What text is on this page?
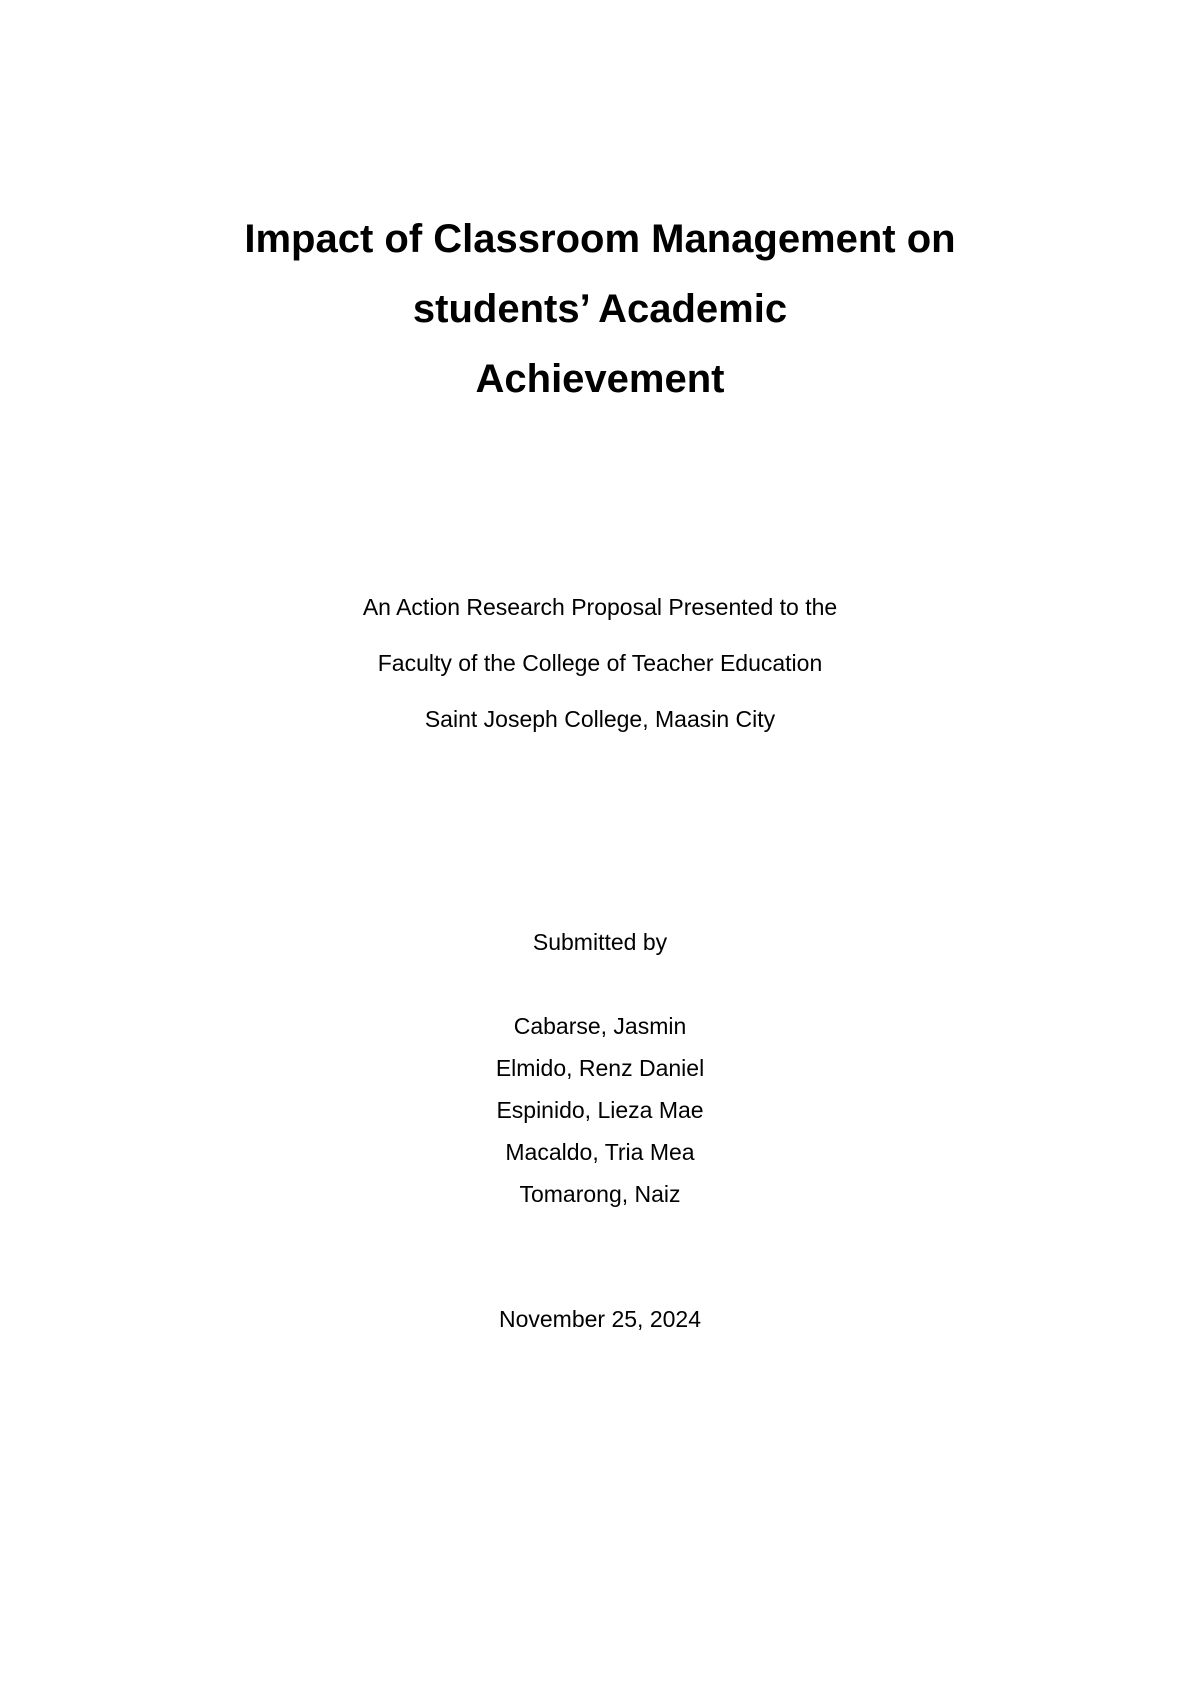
Impact of Classroom Management on

students’ Academic

Achievement

An Action Research Proposal Presented to the
Faculty of the College of Teacher Education
Saint Joseph College, Maasin City
Submitted by
Cabarse, Jasmin
Elmido, Renz Daniel
Espinido, Lieza Mae
Macaldo, Tria Mea
Tomarong, Naiz
November 25, 2024
